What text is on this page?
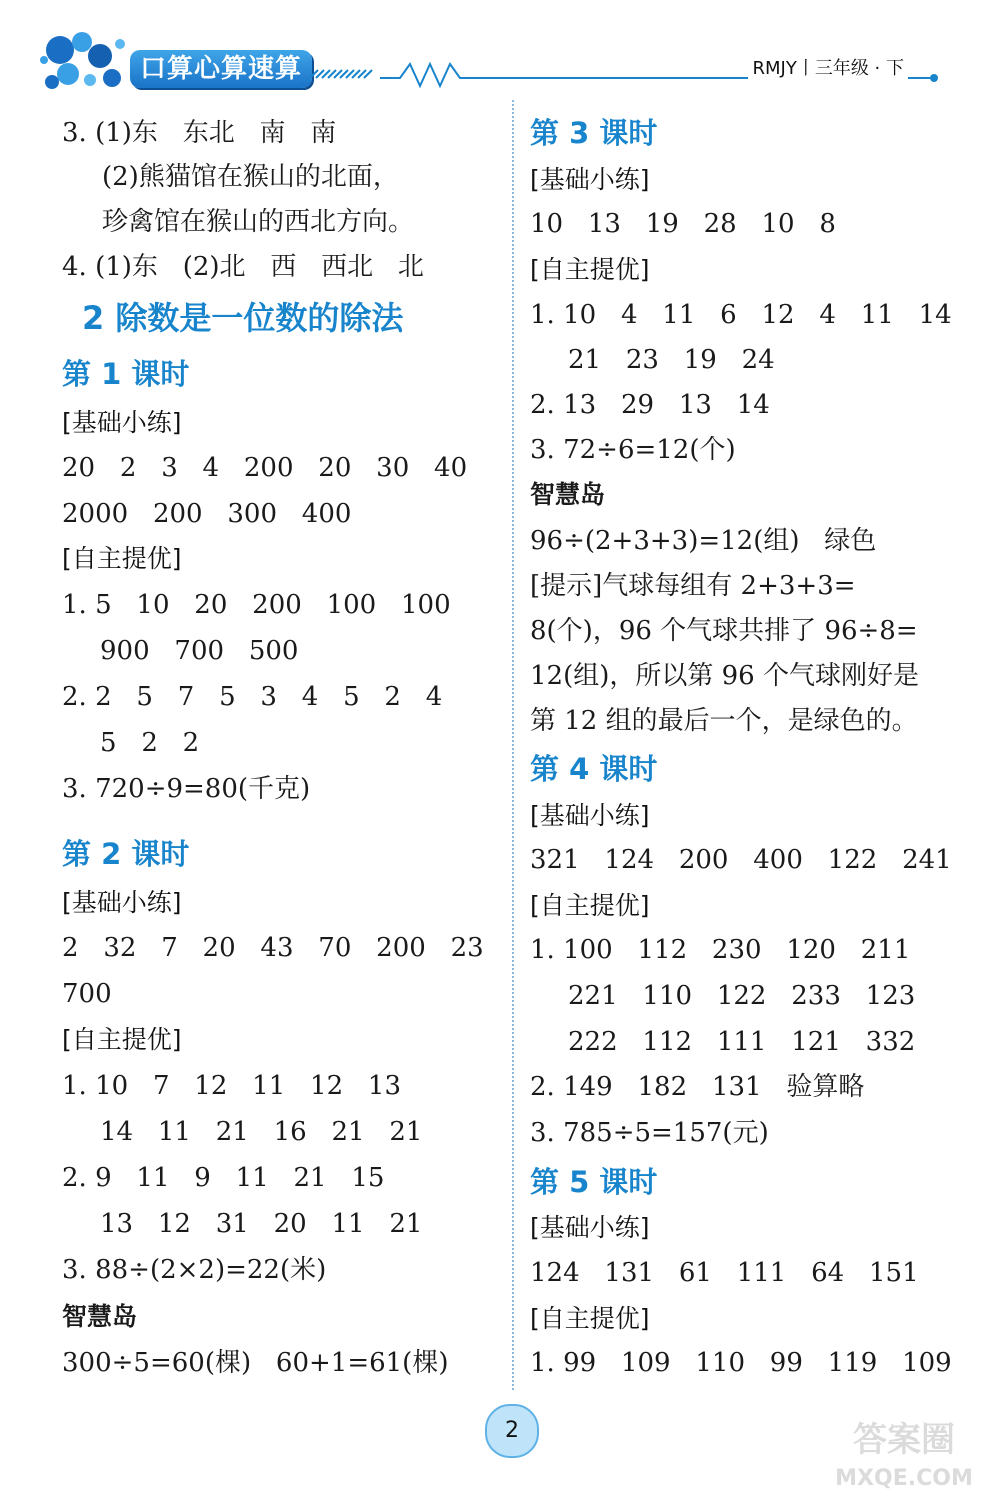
口算心算速算	RMJY丨三年级 · 下
3. (1)东   东北   南   南
(2)熊猫馆在猴山的北面，
珍禽馆在猴山的西北方向。
4. (1)东   (2)北   西   西北   北
2 除数是一位数的除法
第 1 课时
[基础小练]
20   2   3   4   200   20   30   40
2000   200   300   400
[自主提优]
1. 5   10   20   200   100   100
900   700   500
2. 2   5   7   5   3   4   5   2   4
5   2   2
3. 720÷9=80(千克)
第 2 课时
[基础小练]
2   32   7   20   43   70   200   23
700
[自主提优]
1. 10   7   12   11   12   13
14   11   21   16   21   21
2. 9   11   9   11   21   15
13   12   31   20   11   21
3. 88÷(2×2)=22(米)
智慧岛
300÷5=60(棵)   60+1=61(棵)
第 3 课时
[基础小练]
10   13   19   28   10   8
[自主提优]
1. 10   4   11   6   12   4   11   14
21   23   19   24
2. 13   29   13   14
3. 72÷6=12(个)
智慧岛
96÷(2+3+3)=12(组)   绿色
[提示]气球每组有 2+3+3=
8(个)，96 个气球共排了 96÷8=
12(组)，所以第 96 个气球刚好是
第 12 组的最后一个，是绿色的。
第 4 课时
[基础小练]
321   124   200   400   122   241
[自主提优]
1. 100   112   230   120   211
221   110   122   233   123
222   112   111   121   332
2. 149   182   131   验算略
3. 785÷5=157(元)
第 5 课时
[基础小练]
124   131   61   111   64   151
[自主提优]
1. 99   109   110   99   119   109
2	答案圈
MXQE.COM
